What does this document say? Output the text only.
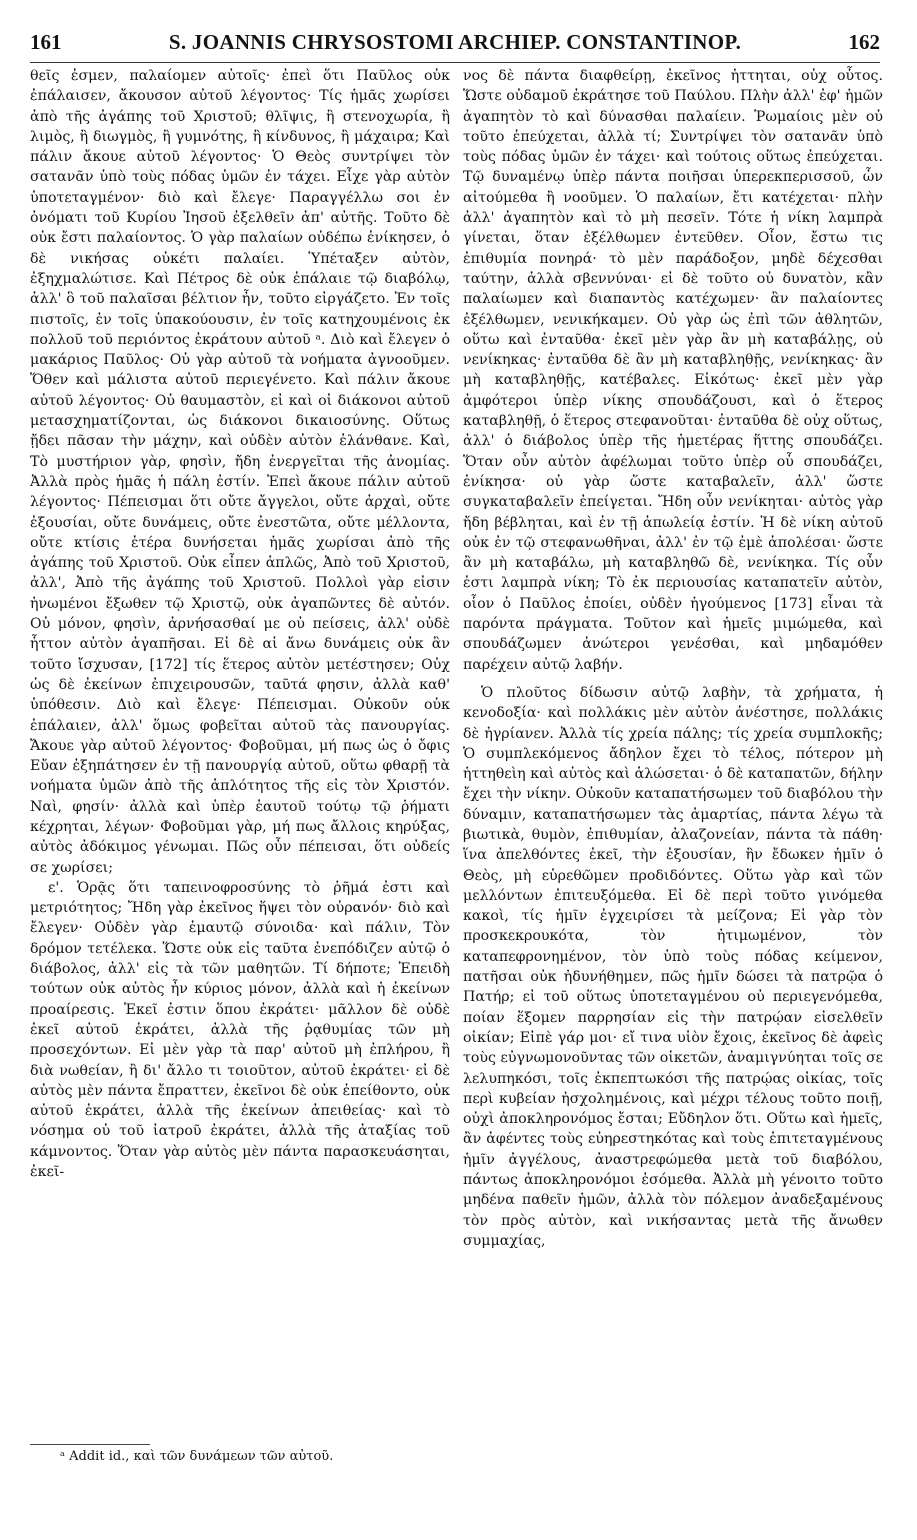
161	S. JOANNIS CHRYSOSTOMI ARCHIEP. CONSTANTINOP.	162

θεῖς ἐσμεν, παλαίομεν αὐτοῖς· ἐπεὶ ὅτι Παῦλος οὐκ ἐπάλαισεν, ἄκουσον αὐτοῦ λέγοντος· Τίς ἡμᾶς χωρίσει ἀπὸ τῆς ἀγάπης τοῦ Χριστοῦ; θλῖψις, ἢ στενοχωρία, ἢ λιμὸς, ἢ διωγμὸς, ἢ γυμνότης, ἢ κίνδυνος, ἢ μάχαιρα; Καὶ πάλιν ἄκουε αὐτοῦ λέγοντος· Ὁ Θεὸς συντρίψει τὸν σατανᾶν ὑπὸ τοὺς πόδας ὑμῶν ἐν τάχει. Εἶχε γὰρ αὐτὸν ὑποτεταγμένον· διὸ καὶ ἔλεγε· Παραγγέλλω σοι ἐν ὀνόματι τοῦ Κυρίου Ἰησοῦ ἐξελθεῖν ἀπ' αὐτῆς. Τοῦτο δὲ οὐκ ἔστι παλαίοντος. Ὁ γὰρ παλαίων οὐδέπω ἐνίκησεν, ὁ δὲ νικήσας οὐκέτι παλαίει. Ὑπέταξεν αὐτὸν, ἐξηχμαλώτισε. Καὶ Πέτρος δὲ οὐκ ἐπάλαιε τῷ διαβόλῳ, ἀλλ' ὃ τοῦ παλαῖσαι βέλτιον ἦν, τοῦτο εἰργάζετο. Ἐν τοῖς πιστοῖς, ἐν τοῖς ὑπακούουσιν, ἐν τοῖς κατηχουμένοις ἐκ πολλοῦ τοῦ περιόντος ἐκράτουν αὐτοῦ ᵃ. Διὸ καὶ ἔλεγεν ὁ μακάριος Παῦλος· Οὐ γὰρ αὐτοῦ τὰ νοήματα ἀγνοοῦμεν. Ὅθεν καὶ μάλιστα αὐτοῦ περιεγένετο. Καὶ πάλιν ἄκουε αὐτοῦ λέγοντος· Οὐ θαυμαστὸν, εἰ καὶ οἱ διάκονοι αὐτοῦ μετασχηματίζονται, ὡς διάκονοι δικαιοσύνης. Οὕτως ᾔδει πᾶσαν τὴν μάχην, καὶ οὐδὲν αὐτὸν ἐλάνθανε. Καὶ, Τὸ μυστήριον γὰρ, φησὶν, ἤδη ἐνεργεῖται τῆς ἀνομίας. Ἀλλὰ πρὸς ἡμᾶς ἡ πάλη ἐστίν. Ἐπεὶ ἄκουε πάλιν αὐτοῦ λέγοντος· Πέπεισμαι ὅτι οὔτε ἄγγελοι, οὔτε ἀρχαὶ, οὔτε ἐξουσίαι, οὔτε δυνάμεις, οὔτε ἐνεστῶτα, οὔτε μέλλοντα, οὔτε κτίσις ἑτέρα δυνήσεται ἡμᾶς χωρίσαι ἀπὸ τῆς ἀγάπης τοῦ Χριστοῦ. Οὐκ εἶπεν ἁπλῶς, Ἀπὸ τοῦ Χριστοῦ, ἀλλ', Ἀπὸ τῆς ἀγάπης τοῦ Χριστοῦ. Πολλοὶ γὰρ εἰσιν ἡνωμένοι ἔξωθεν τῷ Χριστῷ, οὐκ ἀγαπῶντες δὲ αὐτόν. Οὐ μόνον, φησὶν, ἀρνήσασθαί με οὐ πείσεις, ἀλλ' οὐδὲ ἧττον αὐτὸν ἀγαπῆσαι. Εἰ δὲ αἱ ἄνω δυνάμεις οὐκ ἂν τοῦτο ἴσχυσαν, [172] τίς ἕτερος αὐτὸν μετέστησεν; Οὐχ ὡς δὲ ἐκείνων ἐπιχειρουσῶν, ταῦτά φησιν, ἀλλὰ καθ' ὑπόθεσιν. Διὸ καὶ ἔλεγε· Πέπεισμαι. Οὐκοῦν οὐκ ἐπάλαιεν, ἀλλ' ὅμως φοβεῖται αὐτοῦ τὰς πανουργίας. Ἄκουε γὰρ αὐτοῦ λέγοντος· Φοβοῦμαι, μή πως ὡς ὁ ὄφις Εὔαν ἐξηπάτησεν ἐν τῇ πανουργίᾳ αὐτοῦ, οὕτω φθαρῇ τὰ νοήματα ὑμῶν ἀπὸ τῆς ἁπλότητος τῆς εἰς τὸν Χριστόν. Ναὶ, φησίν· ἀλλὰ καὶ ὑπὲρ ἑαυτοῦ τούτῳ τῷ ῥήματι κέχρηται, λέγων· Φοβοῦμαι γὰρ, μή πως ἄλλοις κηρύξας, αὐτὸς ἀδόκιμος γένωμαι. Πῶς οὖν πέπεισαι, ὅτι οὐδείς σε χωρίσει;

ε'. Ὁρᾷς ὅτι ταπεινοφροσύνης τὸ ῥῆμά ἐστι καὶ μετριότητος; Ἤδη γὰρ ἐκεῖνος ἥψει τὸν οὐρανόν· διὸ καὶ ἔλεγεν· Οὐδὲν γὰρ ἐμαυτῷ σύνοιδα· καὶ πάλιν, Τὸν δρόμον τετέλεκα. Ὥστε οὐκ εἰς ταῦτα ἐνεπόδιζεν αὐτῷ ὁ διάβολος, ἀλλ' εἰς τὰ τῶν μαθητῶν. Τί δήποτε; Ἐπειδὴ τούτων οὐκ αὐτὸς ἦν κύριος μόνον, ἀλλὰ καὶ ἡ ἐκείνων προαίρεσις. Ἐκεῖ ἐστιν ὅπου ἐκράτει· μᾶλλον δὲ οὐδὲ ἐκεῖ αὐτοῦ ἐκράτει, ἀλλὰ τῆς ῥᾳθυμίας τῶν μὴ προσεχόντων. Εἰ μὲν γὰρ τὰ παρ' αὐτοῦ μὴ ἐπλήρου, ἢ διὰ νωθείαν, ἢ δι' ἄλλο τι τοιοῦτον, αὐτοῦ ἐκράτει· εἰ δὲ αὐτὸς μὲν πάντα ἔπραττεν, ἐκεῖνοι δὲ οὐκ ἐπείθοντο, οὐκ αὐτοῦ ἐκράτει, ἀλλὰ τῆς ἐκείνων ἀπειθείας· καὶ τὸ νόσημα οὐ τοῦ ἰατροῦ ἐκράτει, ἀλλὰ τῆς ἀταξίας τοῦ κάμνοντος. Ὅταν γὰρ αὐτὸς μὲν πάντα παρασκευάσηται, ἐκεῖ-

νος δὲ πάντα διαφθείρῃ, ἐκεῖνος ἡττηται, οὐχ οὗτος. Ὥστε οὐδαμοῦ ἐκράτησε τοῦ Παύλου. Πλὴν ἀλλ' ἐφ' ἡμῶν ἀγαπητὸν τὸ καὶ δύνασθαι παλαίειν. Ῥωμαίοις μὲν οὐ τοῦτο ἐπεύχεται, ἀλλὰ τί; Συντρίψει τὸν σατανᾶν ὑπὸ τοὺς πόδας ὑμῶν ἐν τάχει· καὶ τούτοις οὕτως ἐπεύχεται. Τῷ δυναμένῳ ὑπὲρ πάντα ποιῆσαι ὑπερεκπερισσοῦ, ὧν αἰτούμεθα ἢ νοοῦμεν. Ὁ παλαίων, ἔτι κατέχεται· πλὴν ἀλλ' ἀγαπητὸν καὶ τὸ μὴ πεσεῖν. Τότε ἡ νίκη λαμπρὰ γίνεται, ὅταν ἐξέλθωμεν ἐντεῦθεν. Οἷον, ἔστω τις ἐπιθυμία πονηρά· τὸ μὲν παράδοξον, μηδὲ δέχεσθαι ταύτην, ἀλλὰ σβεννύναι· εἰ δὲ τοῦτο οὐ δυνατὸν, κἂν παλαίωμεν καὶ διαπαντὸς κατέχωμεν· ἂν παλαίοντες ἐξέλθωμεν, νενικήκαμεν. Οὐ γὰρ ὡς ἐπὶ τῶν ἀθλητῶν, οὕτω καὶ ἐνταῦθα· ἐκεῖ μὲν γὰρ ἂν μὴ καταβάλῃς, οὐ νενίκηκας· ἐνταῦθα δὲ ἂν μὴ καταβληθῇς, νενίκηκας· ἂν μὴ καταβληθῇς, κατέβαλες. Εἰκότως· ἐκεῖ μὲν γὰρ ἀμφότεροι ὑπὲρ νίκης σπουδάζουσι, καὶ ὁ ἕτερος καταβληθῇ, ὁ ἕτερος στεφανοῦται· ἐνταῦθα δὲ οὐχ οὕτως, ἀλλ' ὁ διάβολος ὑπὲρ τῆς ἡμετέρας ἥττης σπουδάζει. Ὅταν οὖν αὐτὸν ἀφέλωμαι τοῦτο ὑπὲρ οὗ σπουδάζει, ἐνίκησα· οὐ γὰρ ὥστε καταβαλεῖν, ἀλλ' ὥστε συγκαταβαλεῖν ἐπείγεται. Ἤδη οὖν νενίκηται· αὐτὸς γὰρ ἤδη βέβληται, καὶ ἐν τῇ ἀπωλείᾳ ἐστίν. Ἡ δὲ νίκη αὐτοῦ οὐκ ἐν τῷ στεφανωθῆναι, ἀλλ' ἐν τῷ ἐμὲ ἀπολέσαι· ὥστε ἂν μὴ καταβάλω, μὴ καταβληθῶ δὲ, νενίκηκα. Τίς οὖν ἐστι λαμπρὰ νίκη; Τὸ ἐκ περιουσίας καταπατεῖν αὐτὸν, οἷον ὁ Παῦλος ἐποίει, οὐδὲν ἡγούμενος [173] εἶναι τὰ παρόντα πράγματα. Τοῦτον καὶ ἡμεῖς μιμώμεθα, καὶ σπουδάζωμεν ἀνώτεροι γενέσθαι, καὶ μηδαμόθεν παρέχειν αὐτῷ λαβήν.

Ὁ πλοῦτος δίδωσιν αὐτῷ λαβὴν, τὰ χρήματα, ἡ κενοδοξία· καὶ πολλάκις μὲν αὐτὸν ἀνέστησε, πολλάκις δὲ ἠγρίανεν. Ἀλλὰ τίς χρεία πάλης; τίς χρεία συμπλοκῆς; Ὁ συμπλεκόμενος ἄδηλον ἔχει τὸ τέλος, πότερον μὴ ἡττηθεὶη καὶ αὐτὸς καὶ ἁλώσεται· ὁ δὲ καταπατῶν, δήλην ἔχει τὴν νίκην. Οὐκοῦν καταπατήσωμεν τοῦ διαβόλου τὴν δύναμιν, καταπατήσωμεν τὰς ἁμαρτίας, πάντα λέγω τὰ βιωτικὰ, θυμὸν, ἐπιθυμίαν, ἀλαζονείαν, πάντα τὰ πάθη· ἵνα ἀπελθόντες ἐκεῖ, τὴν ἐξουσίαν, ἣν ἔδωκεν ἡμῖν ὁ Θεὸς, μὴ εὑρεθῶμεν προδιδόντες. Οὕτω γὰρ καὶ τῶν μελλόντων ἐπιτευξόμεθα. Εἰ δὲ περὶ τοῦτο γινόμεθα κακοὶ, τίς ἡμῖν ἐγχειρίσει τὰ μείζονα; Εἰ γὰρ τὸν προσκεκρουκότα, τὸν ἠτιμωμένον, τὸν καταπεφρονημένον, τὸν ὑπὸ τοὺς πόδας κείμενον, πατῆσαι οὐκ ἠδυνήθημεν, πῶς ἡμῖν δώσει τὰ πατρῷα ὁ Πατήρ; εἰ τοῦ οὕτως ὑποτεταγμένου οὐ περιεγενόμεθα, ποίαν ἕξομεν παρρησίαν εἰς τὴν πατρῴαν εἰσελθεῖν οἰκίαν; Εἰπὲ γάρ μοι· εἴ τινα υἱὸν ἔχοις, ἐκεῖνος δὲ ἀφεὶς τοὺς εὐγνωμονοῦντας τῶν οἰκετῶν, ἀναμιγνύηται τοῖς σε λελυπηκόσι, τοῖς ἐκπεπτωκόσι τῆς πατρῴας οἰκίας, τοῖς περὶ κυβείαν ἠσχολημένοις, καὶ μέχρι τέλους τοῦτο ποιῇ, οὐχὶ ἀποκληρονόμος ἔσται; Εὔδηλον ὅτι. Οὕτω καὶ ἡμεῖς, ἂν ἀφέντες τοὺς εὐηρεστηκότας καὶ τοὺς ἐπιτεταγμένους ἡμῖν ἀγγέλους, ἀναστρεφώμεθα μετὰ τοῦ διαβόλου, πάντως ἀποκληρονόμοι ἐσόμεθα. Ἀλλὰ μὴ γένοιτο τοῦτο μηδένα παθεῖν ἡμῶν, ἀλλὰ τὸν πόλεμον ἀναδεξαμένους τὸν πρὸς αὐτὸν, καὶ νικήσαντας μετὰ τῆς ἄνωθεν συμμαχίας,

ᵃ Addit id., καὶ τῶν δυνάμεων τῶν αὐτοῦ.
